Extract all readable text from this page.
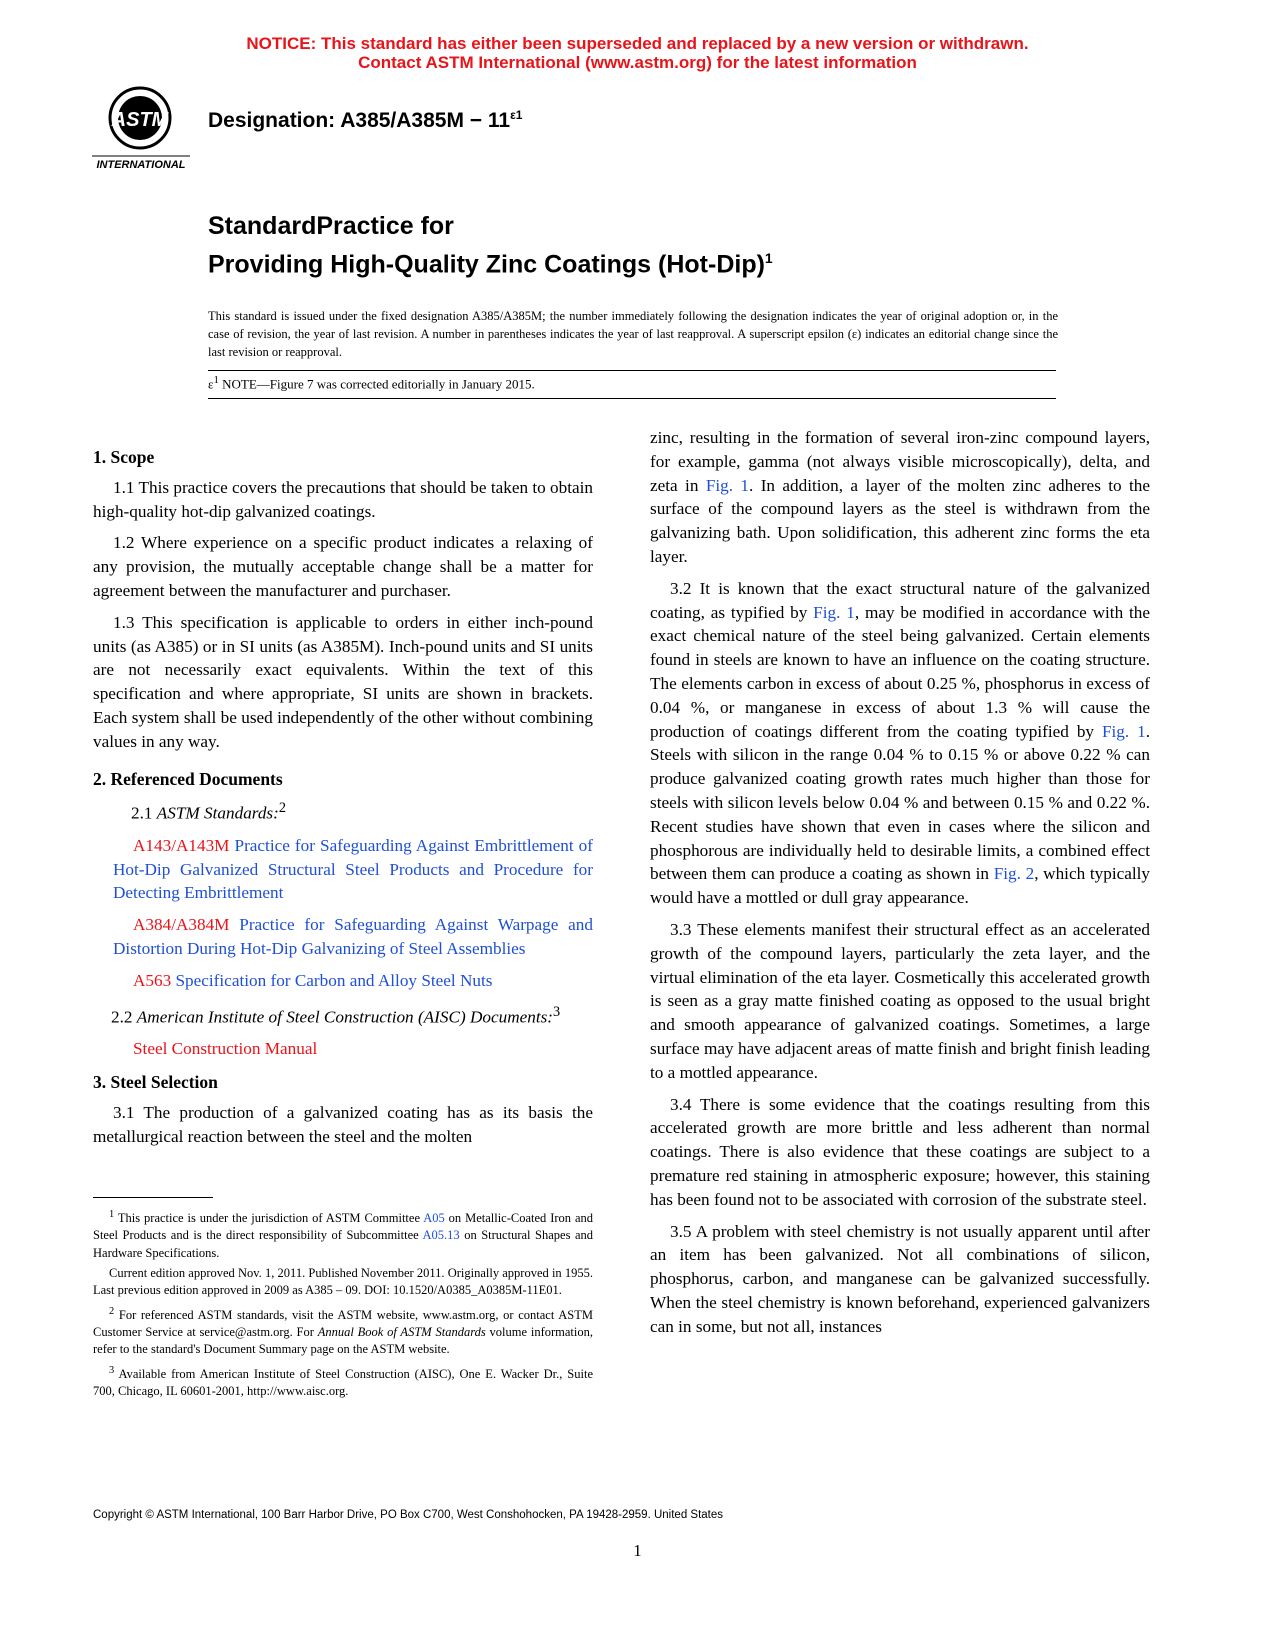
NOTICE: This standard has either been superseded and replaced by a new version or withdrawn.
Contact ASTM International (www.astm.org) for the latest information
ASTM
INTERNATIONAL
Designation: $A385/A385M - 11^{\varepsilon 1}$
StandardPractice for
Providing High-Quality Zinc Coatings $(Hot-Dip)^1$
This standard is issued under the fixed designation A385/A385M; the number immediately following the designation indicates the year of original adoption or, in the case of revision, the year of last revision. A number in parentheses indicates the year of last reapproval. A superscript epsilon (ε) indicates an editorial change since the last revision or reapproval.
$\varepsilon^1$ NOTE—Figure 7 was corrected editorially in January 2015.
1. Scope

1.1 This practice covers the precautions that should be taken to obtain high-quality hot-dip galvanized coatings.

1.2 Where experience on a specific product indicates a relaxing of any provision, the mutually acceptable change shall be a matter for agreement between the manufacturer and purchaser.

1.3 This specification is applicable to orders in either inch-pound units (as A385) or in SI units (as A385M). Inch-pound units and SI units are not necessarily exact equivalents. Within the text of this specification and where appropriate, SI units are shown in brackets. Each system shall be used independently of the other without combining values in any way.

2. Referenced Documents

2.1 ASTM Standards:$^2$

A143/A143M Practice for Safeguarding Against Embrittlement of Hot-Dip Galvanized Structural Steel Products and Procedure for Detecting Embrittlement

A384/A384M Practice for Safeguarding Against Warpage and Distortion During Hot-Dip Galvanizing of Steel Assemblies

A563 Specification for Carbon and Alloy Steel Nuts

2.2 American Institute of Steel Construction (AISC) Documents:$^3$

Steel Construction Manual

3. Steel Selection

3.1 The production of a galvanized coating has as its basis the metallurgical reaction between the steel and the molten

zinc, resulting in the formation of several iron-zinc compound layers, for example, gamma (not always visible microscopically), delta, and zeta in Fig. 1. In addition, a layer of the molten zinc adheres to the surface of the compound layers as the steel is withdrawn from the galvanizing bath. Upon solidification, this adherent zinc forms the eta layer.

3.2 It is known that the exact structural nature of the galvanized coating, as typified by Fig. 1, may be modified in accordance with the exact chemical nature of the steel being galvanized. Certain elements found in steels are known to have an influence on the coating structure. The elements carbon in excess of about 0.25 %, phosphorus in excess of 0.04 %, or manganese in excess of about 1.3 % will cause the production of coatings different from the coating typified by Fig. 1. Steels with silicon in the range 0.04 % to 0.15 % or above 0.22 % can produce galvanized coating growth rates much higher than those for steels with silicon levels below 0.04 % and between 0.15 % and 0.22 %. Recent studies have shown that even in cases where the silicon and phosphorous are individually held to desirable limits, a combined effect between them can produce a coating as shown in Fig. 2, which typically would have a mottled or dull gray appearance.

3.3 These elements manifest their structural effect as an accelerated growth of the compound layers, particularly the zeta layer, and the virtual elimination of the eta layer. Cosmetically this accelerated growth is seen as a gray matte finished coating as opposed to the usual bright and smooth appearance of galvanized coatings. Sometimes, a large surface may have adjacent areas of matte finish and bright finish leading to a mottled appearance.

3.4 There is some evidence that the coatings resulting from this accelerated growth are more brittle and less adherent than normal coatings. There is also evidence that these coatings are subject to a premature red staining in atmospheric exposure; however, this staining has been found not to be associated with corrosion of the substrate steel.

3.5 A problem with steel chemistry is not usually apparent until after an item has been galvanized. Not all combinations of silicon, phosphorus, carbon, and manganese can be galvanized successfully. When the steel chemistry is known beforehand, experienced galvanizers can in some, but not all, instances

$^1$ This practice is under the jurisdiction of ASTM Committee A05 on Metallic-Coated Iron and Steel Products and is the direct responsibility of Subcommittee A05.13 on Structural Shapes and Hardware Specifications.

Current edition approved Nov. 1, 2011. Published November 2011. Originally approved in 1955. Last previous edition approved in 2009 as A385 – 09. DOI: 10.1520/A0385_A0385M-11E01.

$^2$ For referenced ASTM standards, visit the ASTM website, www.astm.org, or contact ASTM Customer Service at service@astm.org. For Annual Book of ASTM Standards volume information, refer to the standard's Document Summary page on the ASTM website.

$^3$ Available from American Institute of Steel Construction (AISC), One E. Wacker Dr., Suite 700, Chicago, IL 60601-2001, http://www.aisc.org.

Copyright © ASTM International, 100 Barr Harbor Drive, PO Box C700, West Conshohocken, PA 19428-2959. United States
1
